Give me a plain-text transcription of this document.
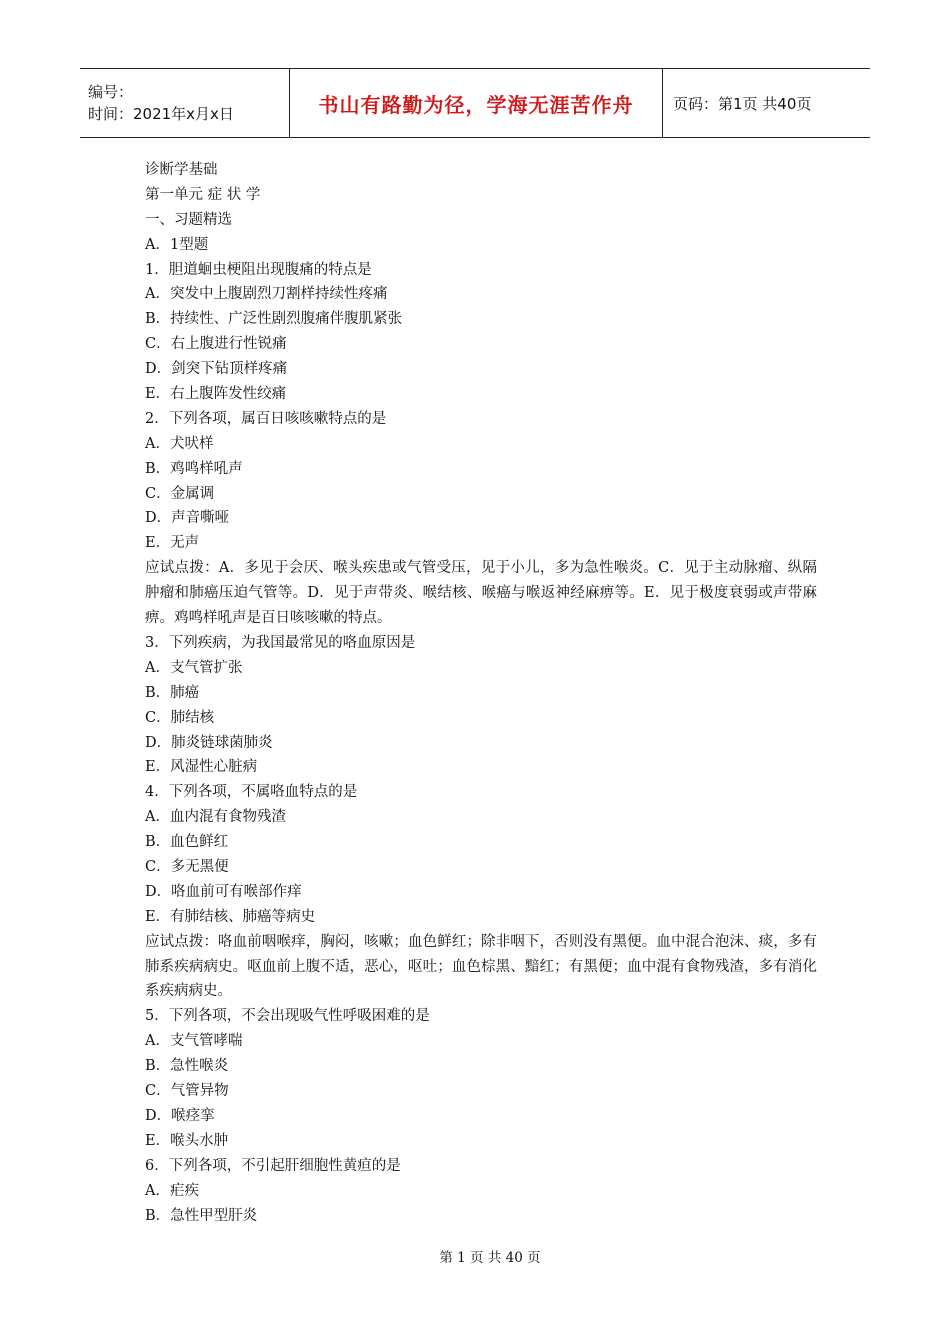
编号：
时间：2021年x月x日	书山有路勤为径，学海无涯苦作舟	页码：第1页 共40页
诊断学基础
第一单元 症 状 学
一、习题精选
A．1型题
1．胆道蛔虫梗阻出现腹痛的特点是
A．突发中上腹剧烈刀割样持续性疼痛
B．持续性、广泛性剧烈腹痛伴腹肌紧张
C．右上腹进行性锐痛
D．剑突下钻顶样疼痛
E．右上腹阵发性绞痛
2．下列各项，属百日咳咳嗽特点的是
A．犬吠样
B．鸡鸣样吼声
C．金属调
D．声音嘶哑
E．无声
应试点拨：A．多见于会厌、喉头疾患或气管受压，见于小儿，多为急性喉炎。C．见于主动脉瘤、纵隔肿瘤和肺癌压迫气管等。D．见于声带炎、喉结核、喉癌与喉返神经麻痹等。E．见于极度衰弱或声带麻痹。鸡鸣样吼声是百日咳咳嗽的特点。
3．下列疾病，为我国最常见的咯血原因是
A．支气管扩张
B．肺癌
C．肺结核
D．肺炎链球菌肺炎
E．风湿性心脏病
4．下列各项，不属咯血特点的是
A．血内混有食物残渣
B．血色鲜红
C．多无黑便
D．咯血前可有喉部作痒
E．有肺结核、肺癌等病史
应试点拨：咯血前咽喉痒，胸闷，咳嗽；血色鲜红；除非咽下，否则没有黑便。血中混合泡沫、痰，多有肺系疾病病史。呕血前上腹不适，恶心，呕吐；血色棕黑、黯红；有黑便；血中混有食物残渣，多有消化系疾病病史。
5．下列各项，不会出现吸气性呼吸困难的是
A．支气管哮喘
B．急性喉炎
C．气管异物
D．喉痉挛
E．喉头水肿
6．下列各项，不引起肝细胞性黄疸的是
A．疟疾
B．急性甲型肝炎
第 1 页 共 40 页
